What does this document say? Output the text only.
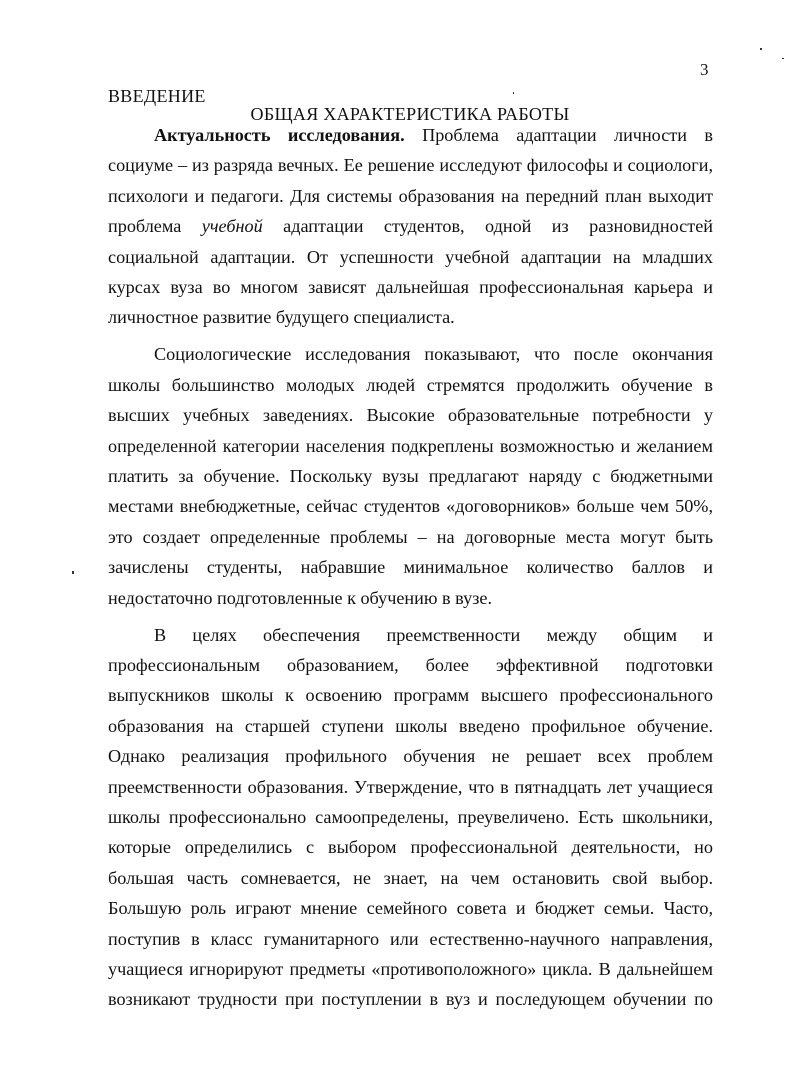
3
ВВЕДЕНИЕ
ОБЩАЯ ХАРАКТЕРИСТИКА РАБОТЫ

Актуальность исследования. Проблема адаптации личности в социуме – из разряда вечных. Ее решение исследуют философы и социологи, психологи и педагоги. Для системы образования на передний план выходит проблема учебной адаптации студентов, одной из разновидностей социальной адаптации. От успешности учебной адаптации на младших курсах вуза во многом зависят дальнейшая профессиональная карьера и личностное развитие будущего специалиста.

Социологические исследования показывают, что после окончания школы большинство молодых людей стремятся продолжить обучение в высших учебных заведениях. Высокие образовательные потребности у определенной категории населения подкреплены возможностью и желанием платить за обучение. Поскольку вузы предлагают наряду с бюджетными местами внебюджетные, сейчас студентов «договорников» больше чем 50%, это создает определенные проблемы – на договорные места могут быть зачислены студенты, набравшие минимальное количество баллов и недостаточно подготовленные к обучению в вузе.

В целях обеспечения преемственности между общим и профессиональным образованием, более эффективной подготовки выпускников школы к освоению программ высшего профессионального образования на старшей ступени школы введено профильное обучение. Однако реализация профильного обучения не решает всех проблем преемственности образования. Утверждение, что в пятнадцать лет учащиеся школы профессионально самоопределены, преувеличено. Есть школьники, которые определились с выбором профессиональной деятельности, но большая часть сомневается, не знает, на чем остановить свой выбор. Большую роль играют мнение семейного совета и бюджет семьи. Часто, поступив в класс гуманитарного или естественно-научного направления, учащиеся игнорируют предметы «противоположного» цикла. В дальнейшем возникают трудности при поступлении в вуз и последующем обучении по
